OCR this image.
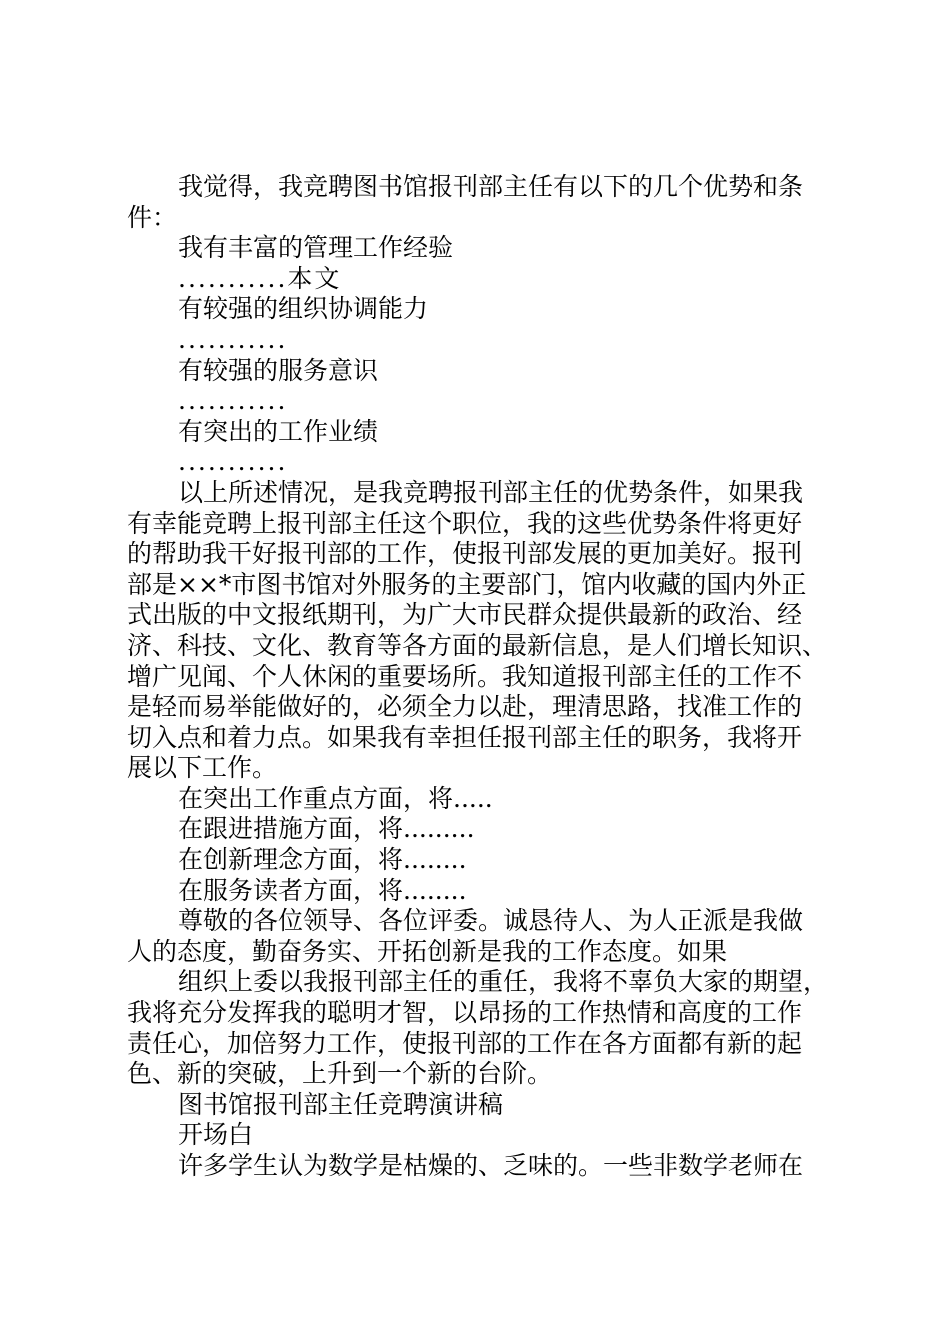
我觉得，我竞聘图书馆报刊部主任有以下的几个优势和条
件：
我有丰富的管理工作经验
...........本文
有较强的组织协调能力
...........
有较强的服务意识
...........
有突出的工作业绩
...........
以上所述情况，是我竞聘报刊部主任的优势条件，如果我
有幸能竞聘上报刊部主任这个职位，我的这些优势条件将更好
的帮助我干好报刊部的工作，使报刊部发展的更加美好。报刊
部是××*市图书馆对外服务的主要部门，馆内收藏的国内外正
式出版的中文报纸期刊，为广大市民群众提供最新的政治、经
济、科技、文化、教育等各方面的最新信息，是人们增长知识、
增广见闻、个人休闲的重要场所。我知道报刊部主任的工作不
是轻而易举能做好的，必须全力以赴，理清思路，找准工作的
切入点和着力点。如果我有幸担任报刊部主任的职务，我将开
展以下工作。
在突出工作重点方面，将.....
在跟进措施方面，将.........
在创新理念方面，将........
在服务读者方面，将........
尊敬的各位领导、各位评委。诚恳待人、为人正派是我做
人的态度，勤奋务实、开拓创新是我的工作态度。如果
组织上委以我报刊部主任的重任，我将不辜负大家的期望，
我将充分发挥我的聪明才智，以昂扬的工作热情和高度的工作
责任心，加倍努力工作，使报刊部的工作在各方面都有新的起
色、新的突破，上升到一个新的台阶。
图书馆报刊部主任竞聘演讲稿
开场白
许多学生认为数学是枯燥的、乏味的。一些非数学老师在
